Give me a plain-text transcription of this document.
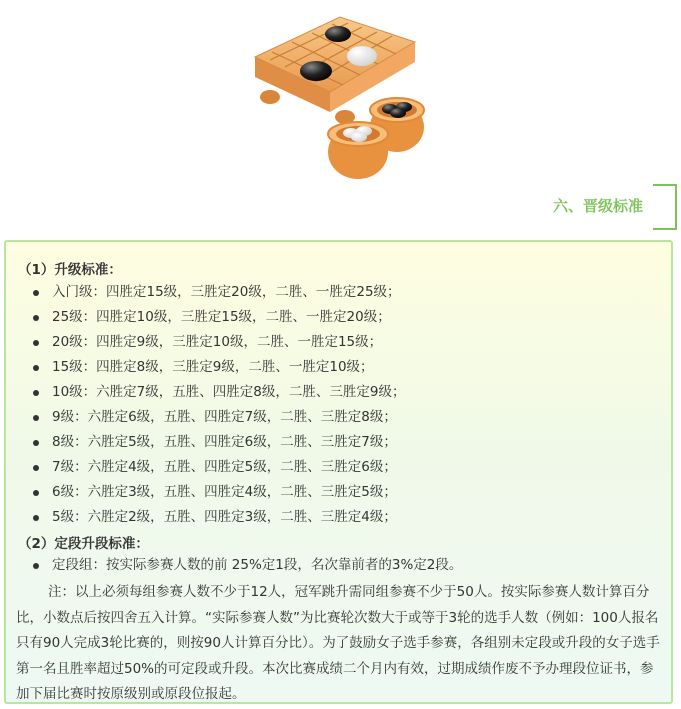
六、晋级标准
（1）升级标准：
入门级：四胜定15级，三胜定20级，二胜、一胜定25级；
25级：四胜定10级，三胜定15级，二胜、一胜定20级；
20级：四胜定9级，三胜定10级，二胜、一胜定15级；
15级：四胜定8级，三胜定9级，二胜、一胜定10级；
10级：六胜定7级，五胜、四胜定8级，二胜、三胜定9级；
9级：六胜定6级，五胜、四胜定7级，二胜、三胜定8级；
8级：六胜定5级，五胜、四胜定6级，二胜、三胜定7级；
7级：六胜定4级，五胜、四胜定5级，二胜、三胜定6级；
6级：六胜定3级，五胜、四胜定4级，二胜、三胜定5级；
5级：六胜定2级，五胜、四胜定3级，二胜、三胜定4级；
（2）定段升段标准：
定段组：按实际参赛人数的前 25%定1段，名次靠前者的3%定2段。
注：以上必须每组参赛人数不少于12人，冠军跳升需同组参赛不少于50人。按实际参赛人数计算百分比，小数点后按四舍五入计算。“实际参赛人数”为比赛轮次数大于或等于3轮的选手人数（例如：100人报名只有90人完成3轮比赛的，则按90人计算百分比）。为了鼓励女子选手参赛，各组别未定段或升段的女子选手第一名且胜率超过50%的可定段或升段。本次比赛成绩二个月内有效，过期成绩作废不予办理段位证书，参加下届比赛时按原级别或原段位报起。
